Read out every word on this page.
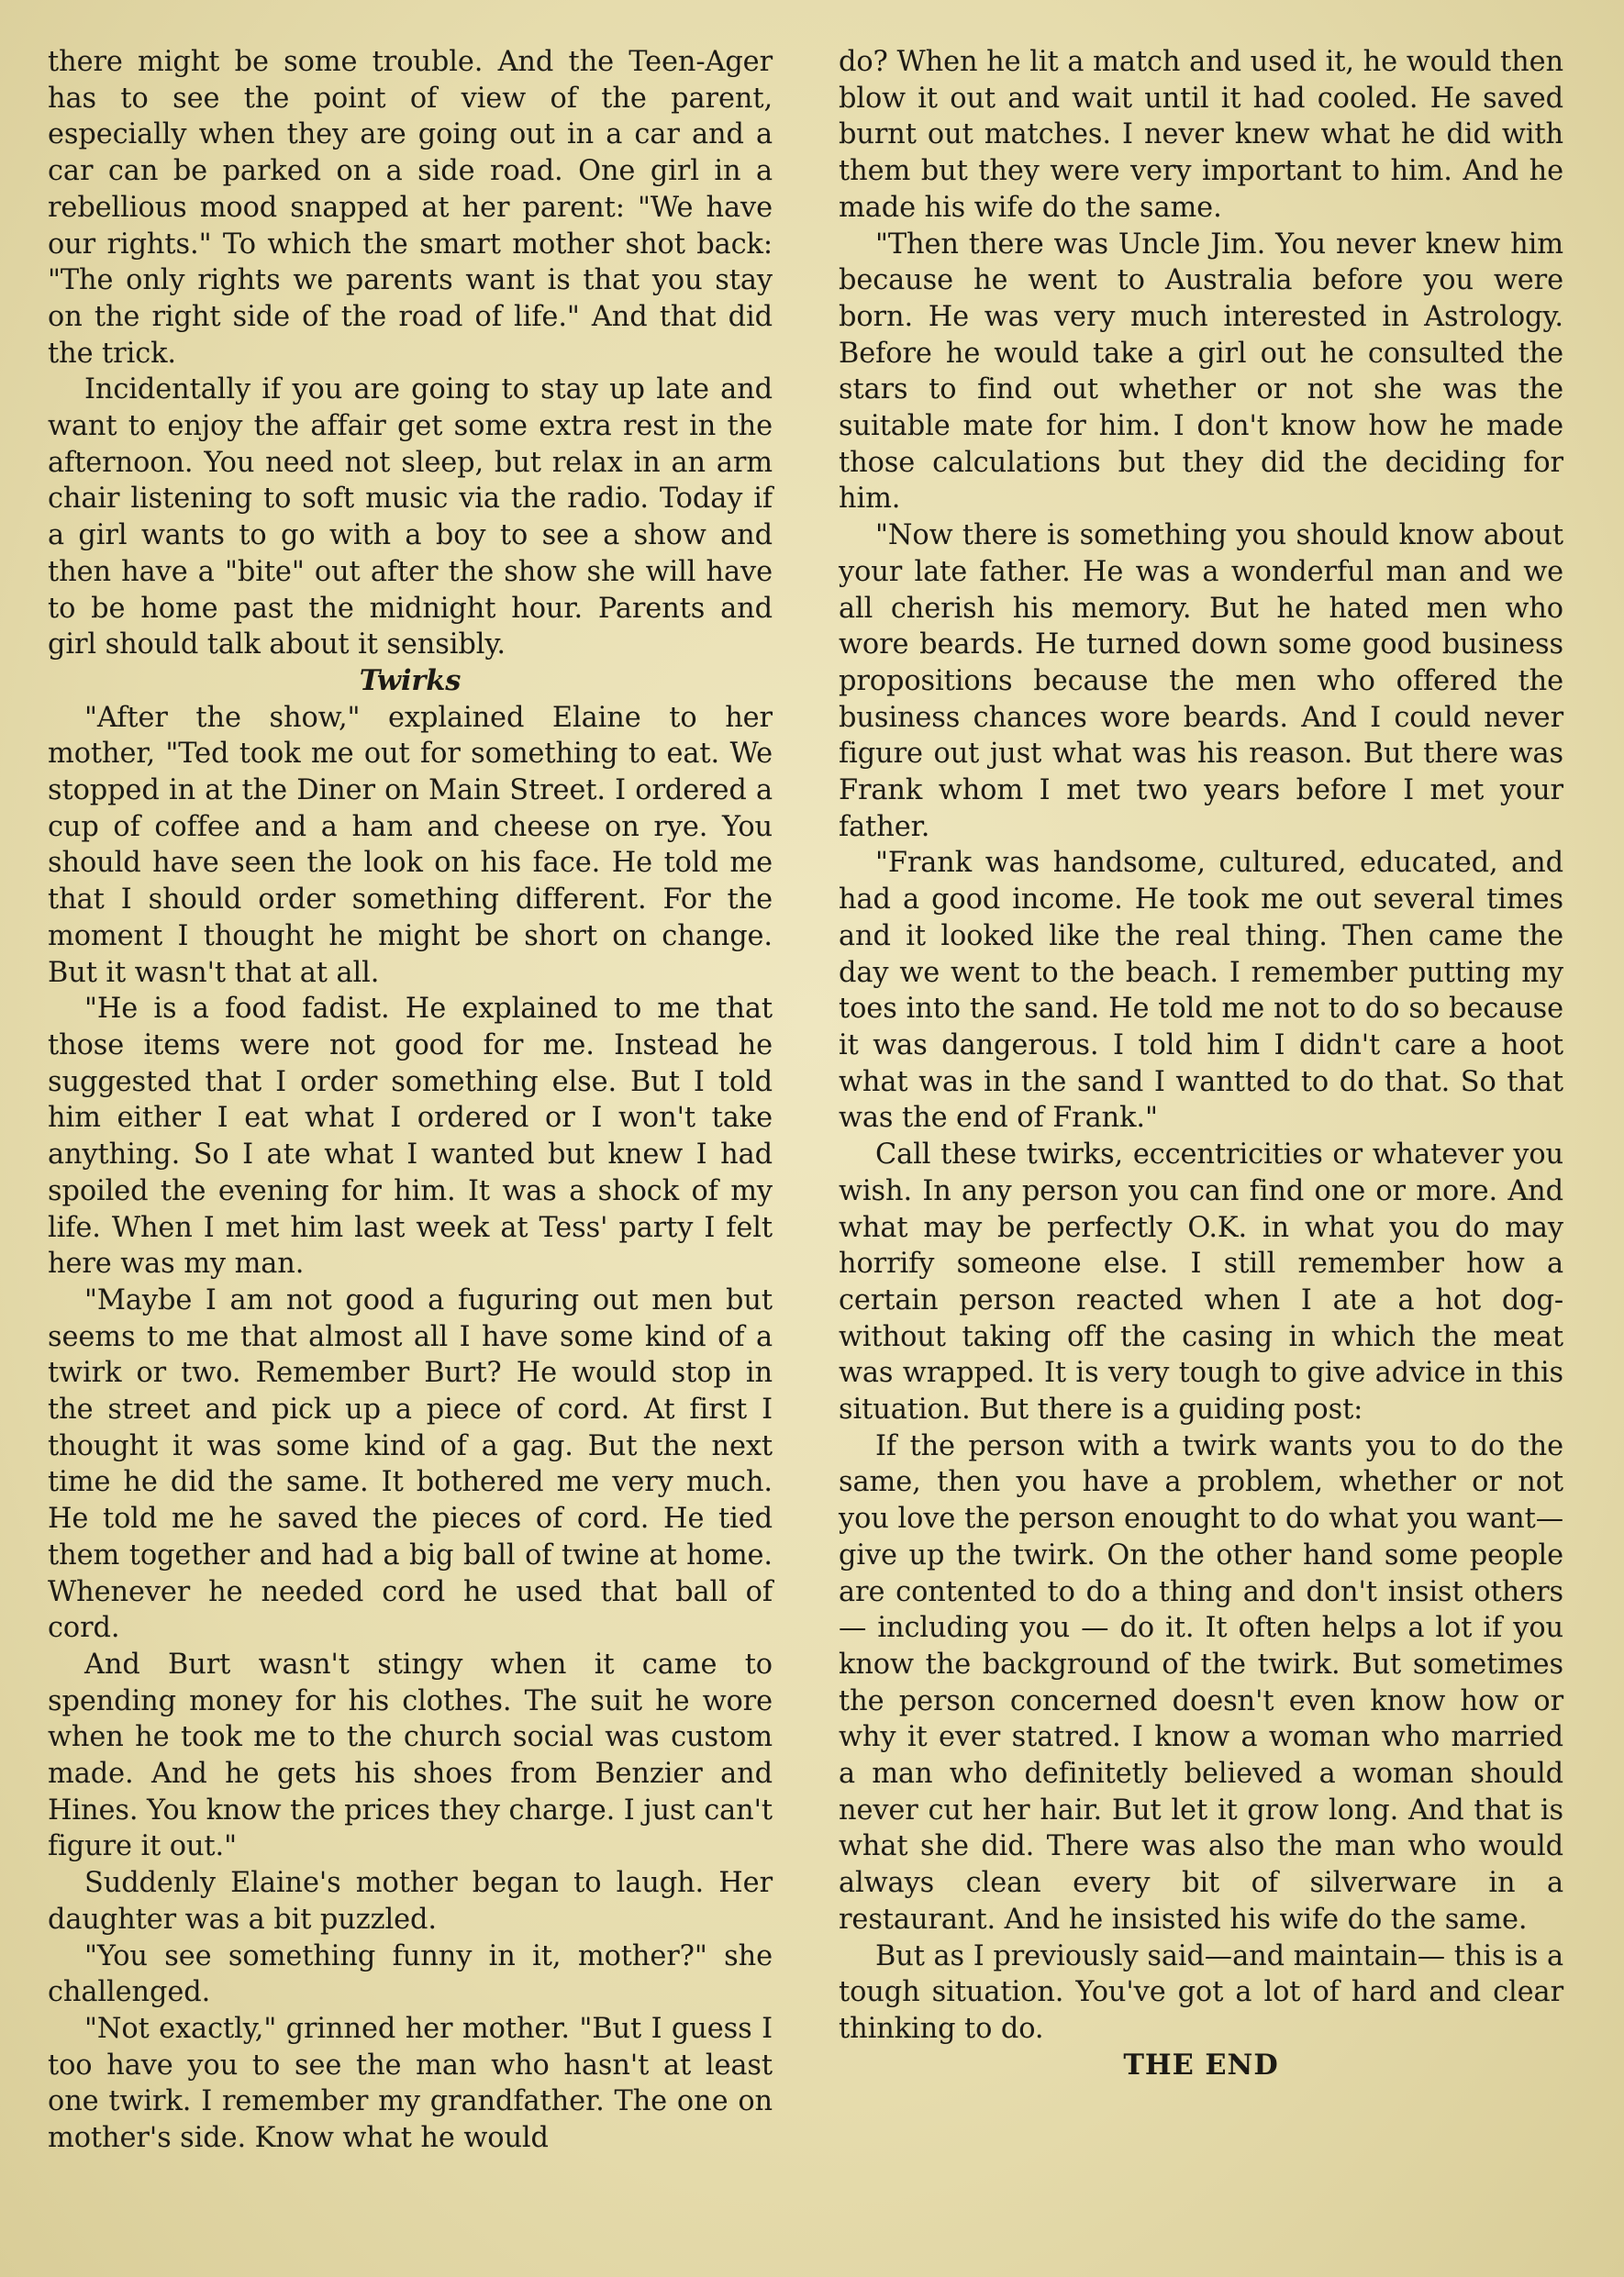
there might be some trouble. And the Teen-Ager has to see the point of view of the parent, especially when they are going out in a car and a car can be parked on a side road. One girl in a rebellious mood snapped at her parent: "We have our rights." To which the smart mother shot back: "The only rights we parents want is that you stay on the right side of the road of life." And that did the trick.

Incidentally if you are going to stay up late and want to enjoy the affair get some extra rest in the afternoon. You need not sleep, but relax in an arm chair listening to soft music via the radio. Today if a girl wants to go with a boy to see a show and then have a "bite" out after the show she will have to be home past the midnight hour. Parents and girl should talk about it sensibly.

Twirks

"After the show," explained Elaine to her mother, "Ted took me out for something to eat. We stopped in at the Diner on Main Street. I ordered a cup of coffee and a ham and cheese on rye. You should have seen the look on his face. He told me that I should order something different. For the moment I thought he might be short on change. But it wasn't that at all.

"He is a food fadist. He explained to me that those items were not good for me. Instead he suggested that I order something else. But I told him either I eat what I ordered or I won't take anything. So I ate what I wanted but knew I had spoiled the evening for him. It was a shock of my life. When I met him last week at Tess' party I felt here was my man.

"Maybe I am not good a fuguring out men but seems to me that almost all I have some kind of a twirk or two. Remember Burt? He would stop in the street and pick up a piece of cord. At first I thought it was some kind of a gag. But the next time he did the same. It bothered me very much. He told me he saved the pieces of cord. He tied them together and had a big ball of twine at home. Whenever he needed cord he used that ball of cord.

And Burt wasn't stingy when it came to spending money for his clothes. The suit he wore when he took me to the church social was custom made. And he gets his shoes from Benzier and Hines. You know the prices they charge. I just can't figure it out."

Suddenly Elaine's mother began to laugh. Her daughter was a bit puzzled.

"You see something funny in it, mother?" she challenged.

"Not exactly," grinned her mother. "But I guess I too have you to see the man who hasn't at least one twirk. I remember my grandfather. The one on mother's side. Know what he would

do? When he lit a match and used it, he would then blow it out and wait until it had cooled. He saved burnt out matches. I never knew what he did with them but they were very important to him. And he made his wife do the same.

"Then there was Uncle Jim. You never knew him because he went to Australia before you were born. He was very much interested in Astrology. Before he would take a girl out he consulted the stars to find out whether or not she was the suitable mate for him. I don't know how he made those calculations but they did the deciding for him.

"Now there is something you should know about your late father. He was a wonderful man and we all cherish his memory. But he hated men who wore beards. He turned down some good business propositions because the men who offered the business chances wore beards. And I could never figure out just what was his reason. But there was Frank whom I met two years before I met your father.

"Frank was handsome, cultured, educated, and had a good income. He took me out several times and it looked like the real thing. Then came the day we went to the beach. I remember putting my toes into the sand. He told me not to do so because it was dangerous. I told him I didn't care a hoot what was in the sand I wantted to do that. So that was the end of Frank."

Call these twirks, eccentricities or whatever you wish. In any person you can find one or more. And what may be perfectly O.K. in what you do may horrify someone else. I still remember how a certain person reacted when I ate a hot dog-without taking off the casing in which the meat was wrapped. It is very tough to give advice in this situation. But there is a guiding post:

If the person with a twirk wants you to do the same, then you have a problem, whether or not you love the person enought to do what you want—give up the twirk. On the other hand some people are contented to do a thing and don't insist others — including you — do it. It often helps a lot if you know the background of the twirk. But sometimes the person concerned doesn't even know how or why it ever statred. I know a woman who married a man who definitetly believed a woman should never cut her hair. But let it grow long. And that is what she did. There was also the man who would always clean every bit of silverware in a restaurant. And he insisted his wife do the same.

But as I previously said—and maintain— this is a tough situation. You've got a lot of hard and clear thinking to do.

THE END
